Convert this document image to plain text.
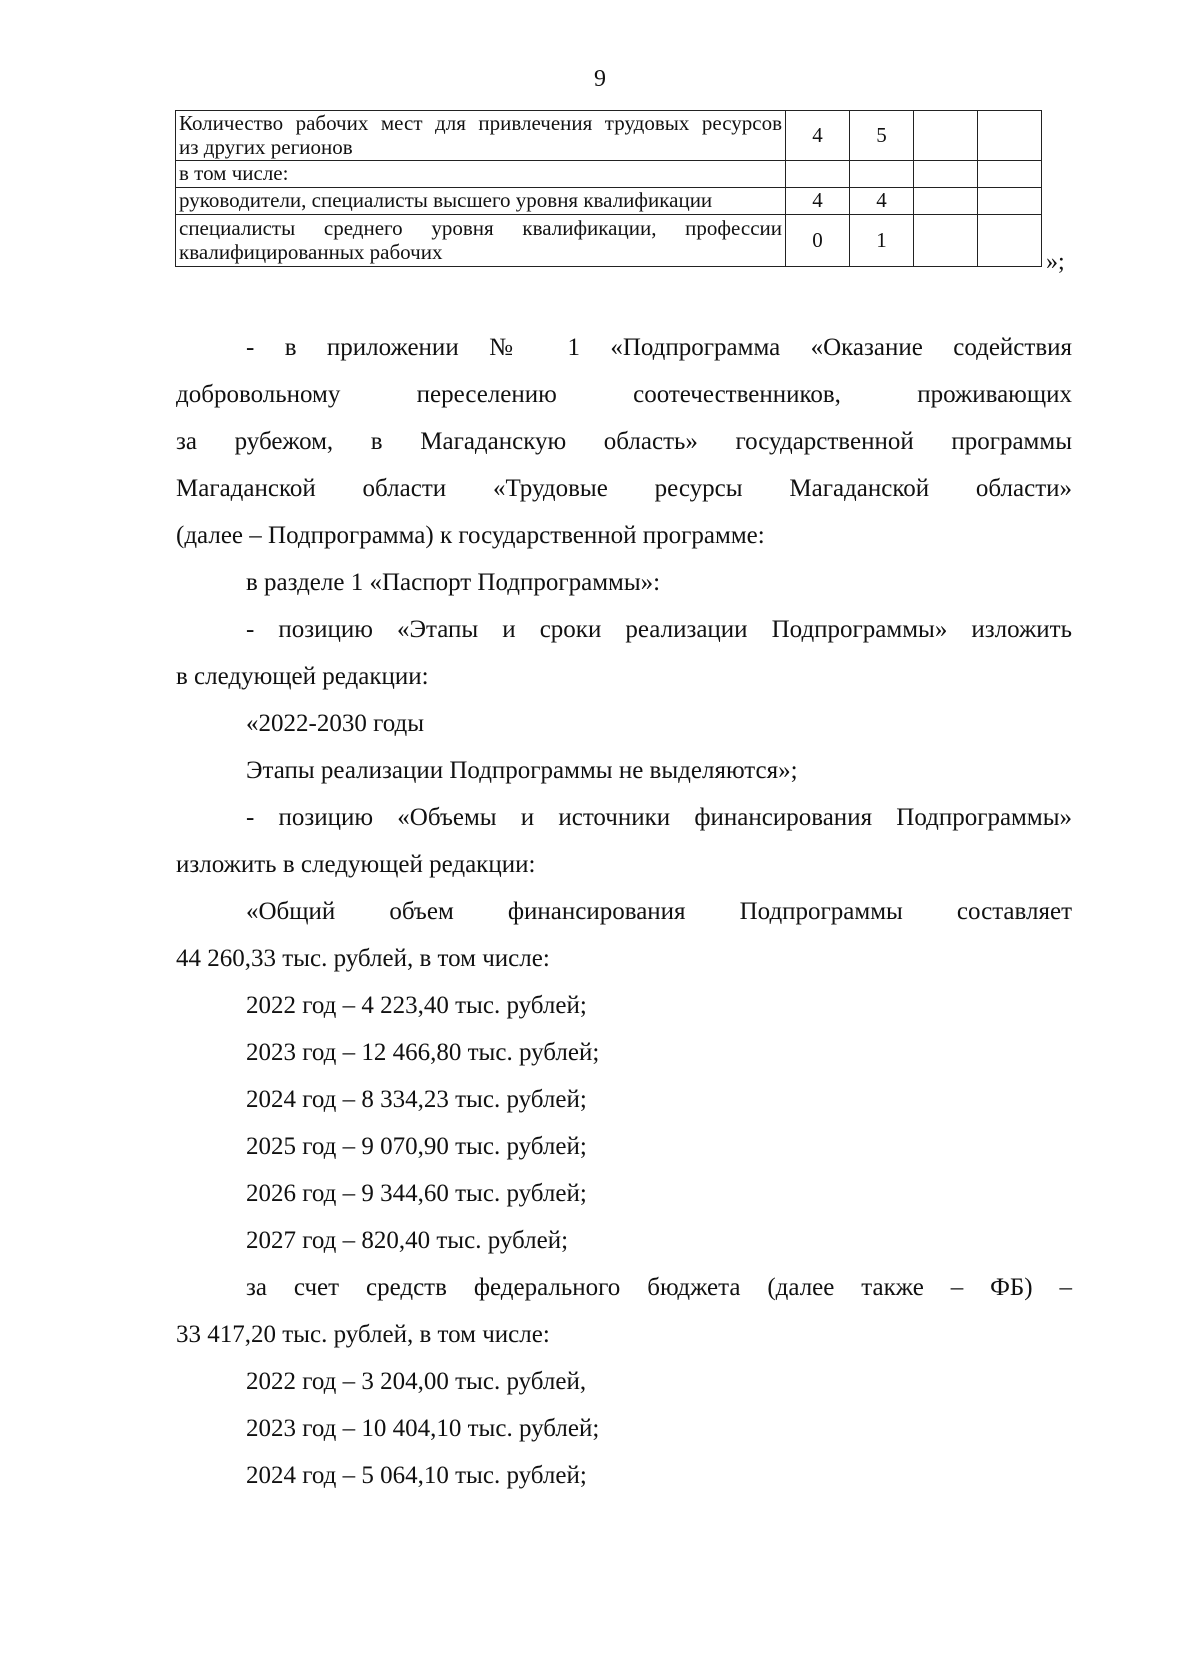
9
Количество рабочих мест для привлечения трудовых ресурсов
из других регионов	4	5		
в том числе:				
руководители, специалисты высшего уровня квалификации	4	4		

специалисты среднего уровня квалификации, профессии
квалифицированных рабочих	0	1		
»;

- в приложении № 1 «Подпрограмма «Оказание содействия

добровольному переселению соотечественников, проживающих

за рубежом, в Магаданскую область» государственной программы

Магаданской области «Трудовые ресурсы Магаданской области»

(далее – Подпрограмма) к государственной программе:

в разделе 1 «Паспорт Подпрограммы»:

- позицию «Этапы и сроки реализации Подпрограммы» изложить

в следующей редакции:

«2022-2030 годы

Этапы реализации Подпрограммы не выделяются»;

- позицию «Объемы и источники финансирования Подпрограммы»

изложить в следующей редакции:

«Общий объем финансирования Подпрограммы составляет

44 260,33 тыс. рублей, в том числе:

2022 год – 4 223,40 тыс. рублей;

2023 год – 12 466,80 тыс. рублей;

2024 год – 8 334,23 тыс. рублей;

2025 год – 9 070,90 тыс. рублей;

2026 год – 9 344,60 тыс. рублей;

2027 год – 820,40 тыс. рублей;

за счет средств федерального бюджета (далее также – ФБ) –

33 417,20 тыс. рублей, в том числе:

2022 год – 3 204,00 тыс. рублей,

2023 год – 10 404,10 тыс. рублей;

2024 год – 5 064,10 тыс. рублей;
